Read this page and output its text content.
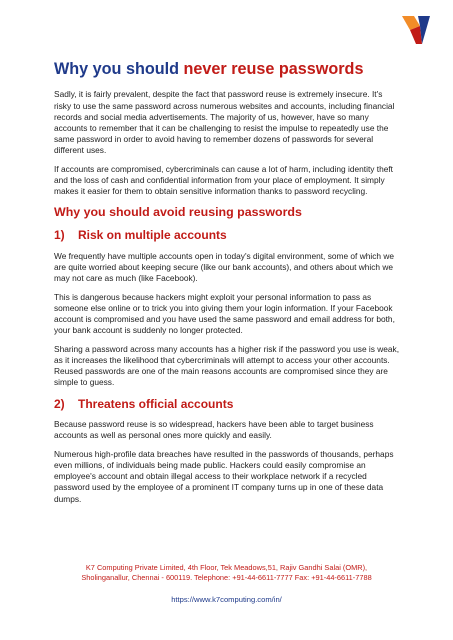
Why you should never reuse passwords

Sadly, it is fairly prevalent, despite the fact that password reuse is extremely insecure. It's risky to use the same password across numerous websites and accounts, including financial records and social media advertisements. The majority of us, however, have so many accounts to remember that it can be challenging to resist the impulse to repeatedly use the same password in order to avoid having to remember dozens of passwords for several different uses.

If accounts are compromised, cybercriminals can cause a lot of harm, including identity theft and the loss of cash and confidential information from your place of employment. It simply makes it easier for them to obtain sensitive information thanks to password recycling.

Why you should avoid reusing passwords
1) Risk on multiple accounts

We frequently have multiple accounts open in today's digital environment, some of which we are quite worried about keeping secure (like our bank accounts), and others about which we may not care as much (like Facebook).

This is dangerous because hackers might exploit your personal information to pass as someone else online or to trick you into giving them your login information. If your Facebook account is compromised and you have used the same password and email address for both, your bank account is suddenly no longer protected.

Sharing a password across many accounts has a higher risk if the password you use is weak, as it increases the likelihood that cybercriminals will attempt to access your other accounts. Reused passwords are one of the main reasons accounts are compromised since they are simple to guess.

2) Threatens official accounts

Because password reuse is so widespread, hackers have been able to target business accounts as well as personal ones more quickly and easily.

Numerous high-profile data breaches have resulted in the passwords of thousands, perhaps even millions, of individuals being made public. Hackers could easily compromise an employee's account and obtain illegal access to their workplace network if a recycled password used by the employee of a prominent IT company turns up in one of these data dumps.

K7 Computing Private Limited, 4th Floor, Tek Meadows,51, Rajiv Gandhi Salai (OMR),
Sholinganallur, Chennai - 600119. Telephone: +91-44-6611-7777 Fax: +91-44-6611-7788
https://www.k7computing.com/in/
